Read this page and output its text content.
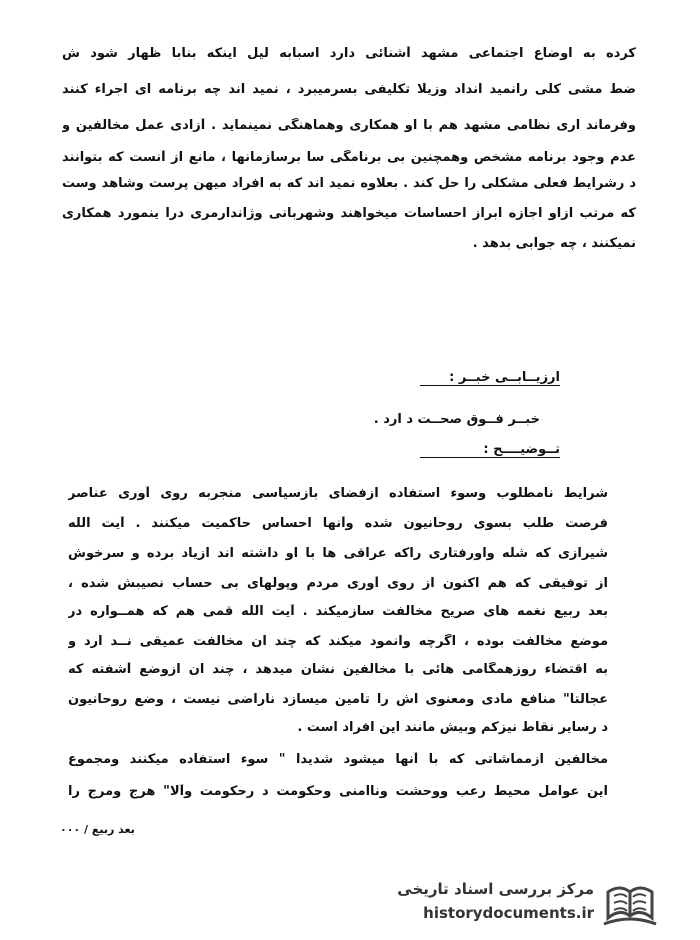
کرده به اوضاع اجتماعی مشهد آشنائی دارد اسبابه لیل اینکه بنابا ظهار شود ش
ضط مشی کلی رانمید انداد وزیلا تکلیفی بسرمیبرد ، نمید اند چه برنامه ای اجراء کنند
وفرماند اری نظامی مشهد هم با او همکاری وهماهنگی نمینماید . آزادی عمل مخالفین و
عدم وجود برنامه مشخص وهمچنین بی برنامگی سا برسازمانها ، مانع از آنست که بتوانند
د رشرایط فعلی مشکلی را حل کند . بعلاوه نمید اند که به افراد میهن پرست وشاهد وست
که مرتب ازاو اجازه ابراز احساسات میخواهند وشهربانی وژاندارمری درا ینمورد همکاری
نمیکنند ، چه جوابی بدهد .
ارزیــابــی خبــر :
خبــر فــوق صحــت د ارد .
تــوضیــــح :
شرایط نامطلوب وسوء استفاده ازفضای بازسیاسی منجربه روی آوری عناصر
فرصت طلب بسوی روحانیون شده وآنها احساس حاکمیت میکنند . آیت الله
شیرازی که شله واورفتاری راکه عراقی ها با او داشته اند ازیاد برده و سرخوش
از توفیقی که هم اکنون از روی آوری مردم وپولهای بی حساب نصیبش شده ،
بعد ربیع نغمه های صریح مخالفت سازمیکند . آیت الله قمی هم که همــواره در
موضع مخالفت بوده ، اگرچه وانمود میکند که چند ان مخالفت عمیقی نــد ارد و
به اقتضاء روزهمگامی هائی با مخالفین نشان میدهد ، چند ان ازوضع آشفته که
عجالتا" منافع مادی ومعنوی اش را تامین میسازد ناراضی نیست ، وضع روحانیون
د رسایر نقاط نیزکم وبیش مانند این افراد است .
مخالفین ازمماشاتی که با آنها میشود شدیدا " سوء استفاده میکنند ومجموع
این عوامل محیط رعب ووحشت وناامنی وحکومت د رحکومت وآلا" هرج ومرج را
بعد ربیع / ۰۰۰
مرکز بررسی اسناد تاریخی
historydocuments.ir
